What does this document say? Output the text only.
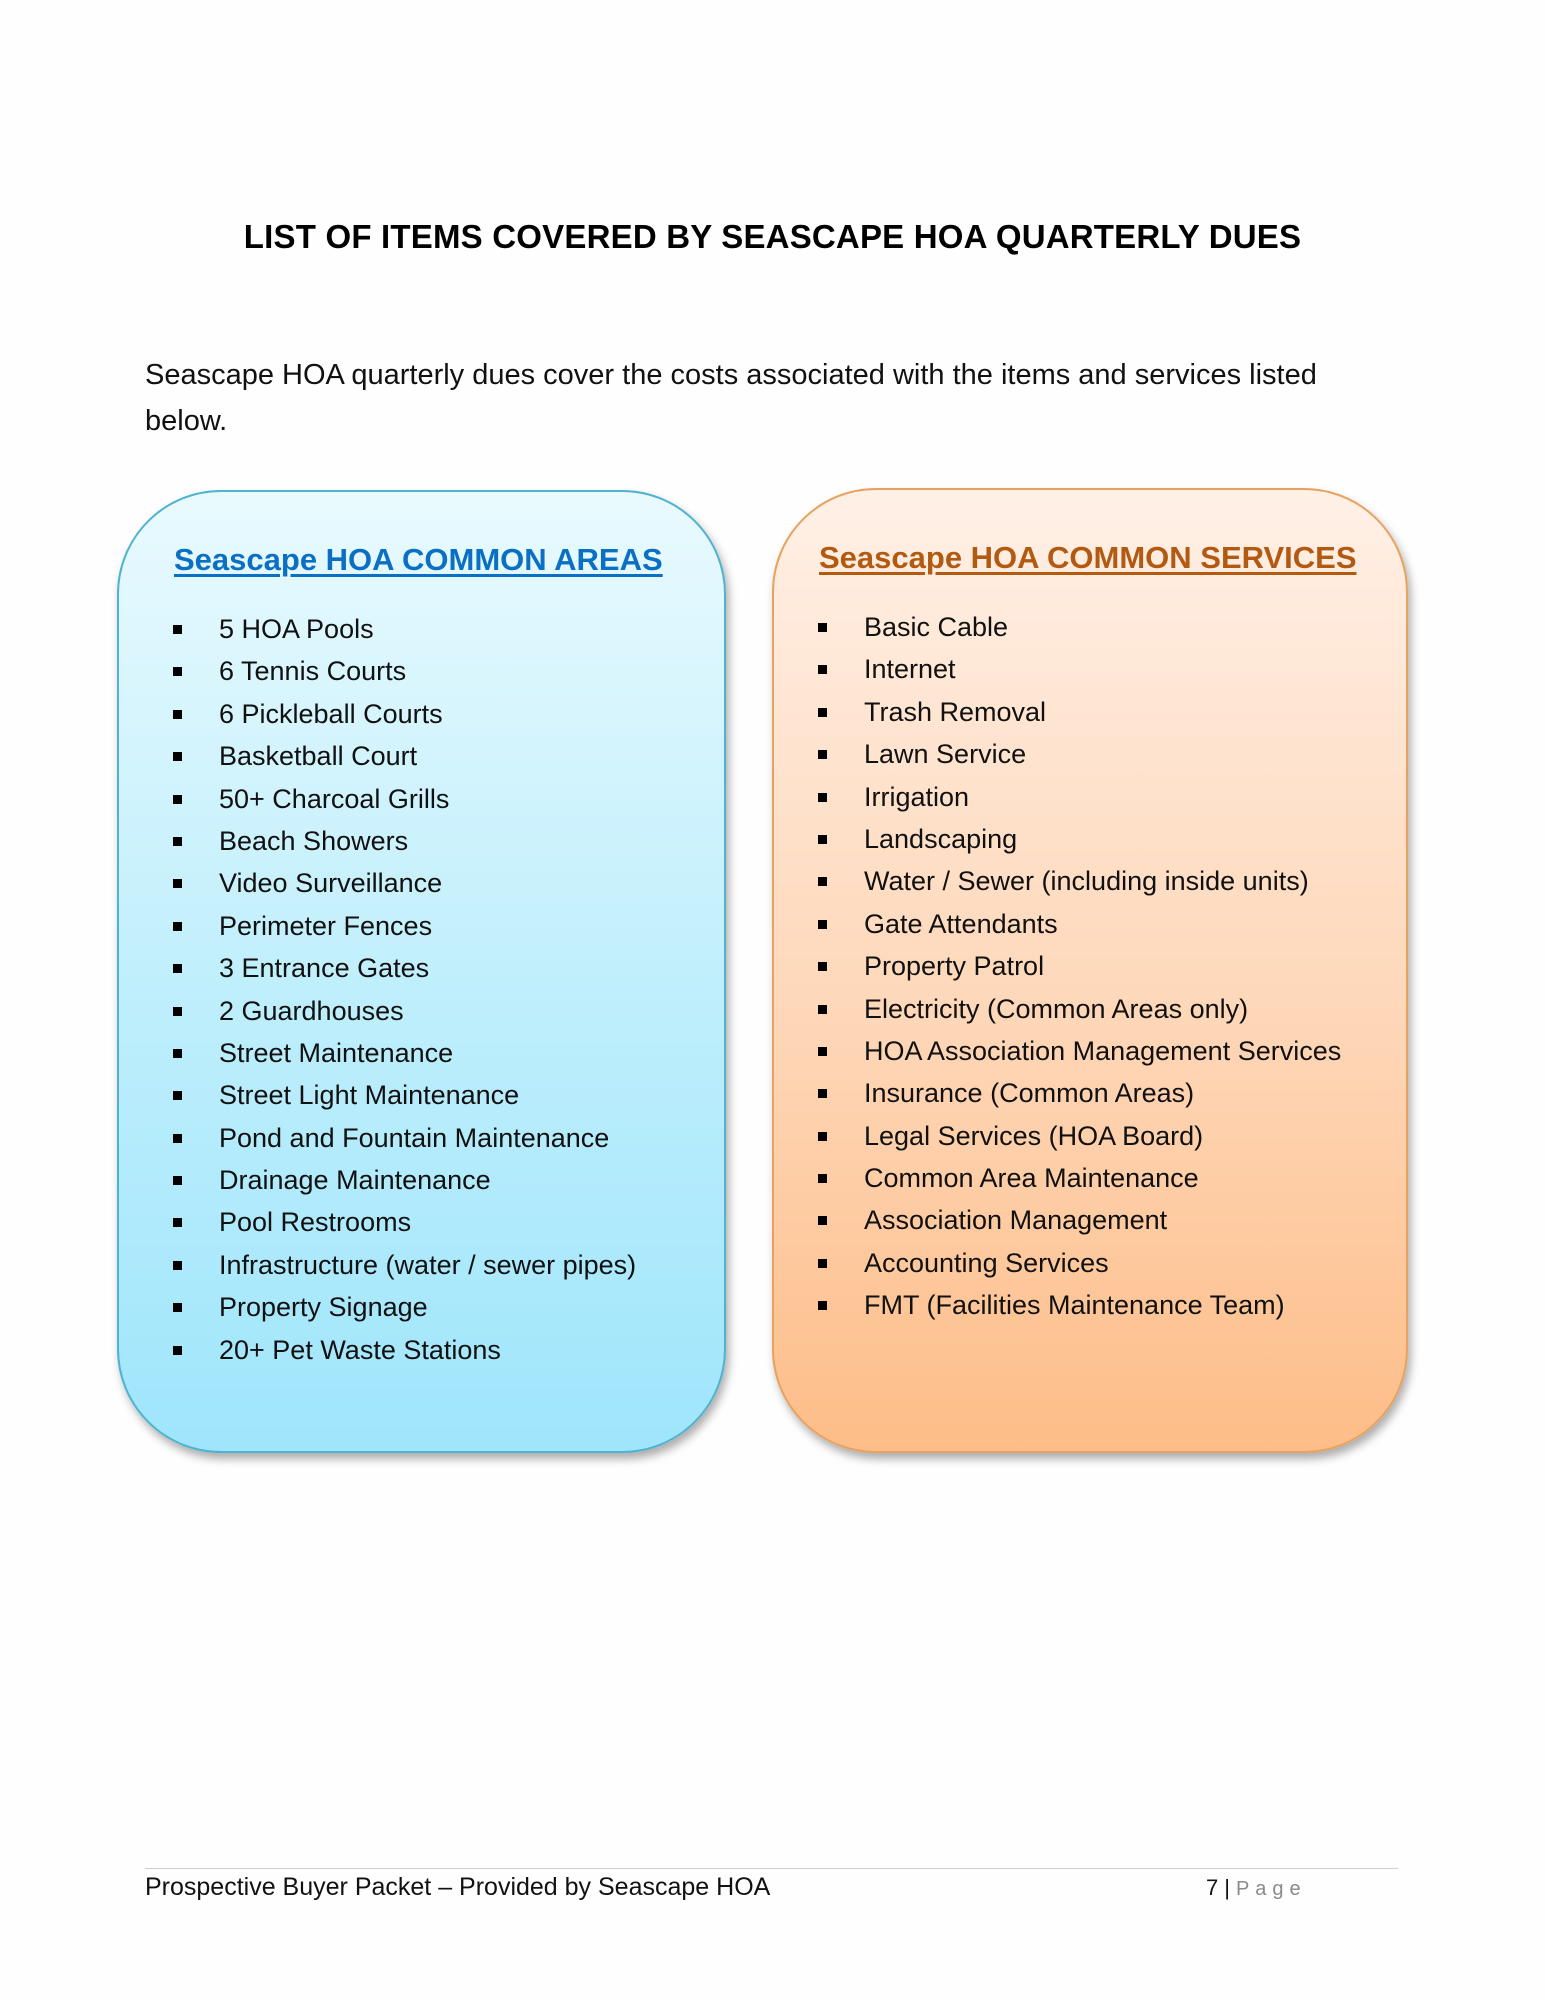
LIST OF ITEMS COVERED BY SEASCAPE HOA QUARTERLY DUES
Seascape HOA quarterly dues cover the costs associated with the items and services listed below.
Seascape HOA COMMON AREAS
5 HOA Pools
6 Tennis Courts
6 Pickleball Courts
Basketball Court
50+ Charcoal Grills
Beach Showers
Video Surveillance
Perimeter Fences
3 Entrance Gates
2 Guardhouses
Street Maintenance
Street Light Maintenance
Pond and Fountain Maintenance
Drainage Maintenance
Pool Restrooms
Infrastructure (water / sewer pipes)
Property Signage
20+ Pet Waste Stations
Seascape HOA COMMON SERVICES
Basic Cable
Internet
Trash Removal
Lawn Service
Irrigation
Landscaping
Water / Sewer (including inside units)
Gate Attendants
Property Patrol
Electricity (Common Areas only)
HOA Association Management Services
Insurance (Common Areas)
Legal Services (HOA Board)
Common Area Maintenance
Association Management
Accounting Services
FMT (Facilities Maintenance Team)
Prospective Buyer Packet – Provided by Seascape HOA	7 | Page
